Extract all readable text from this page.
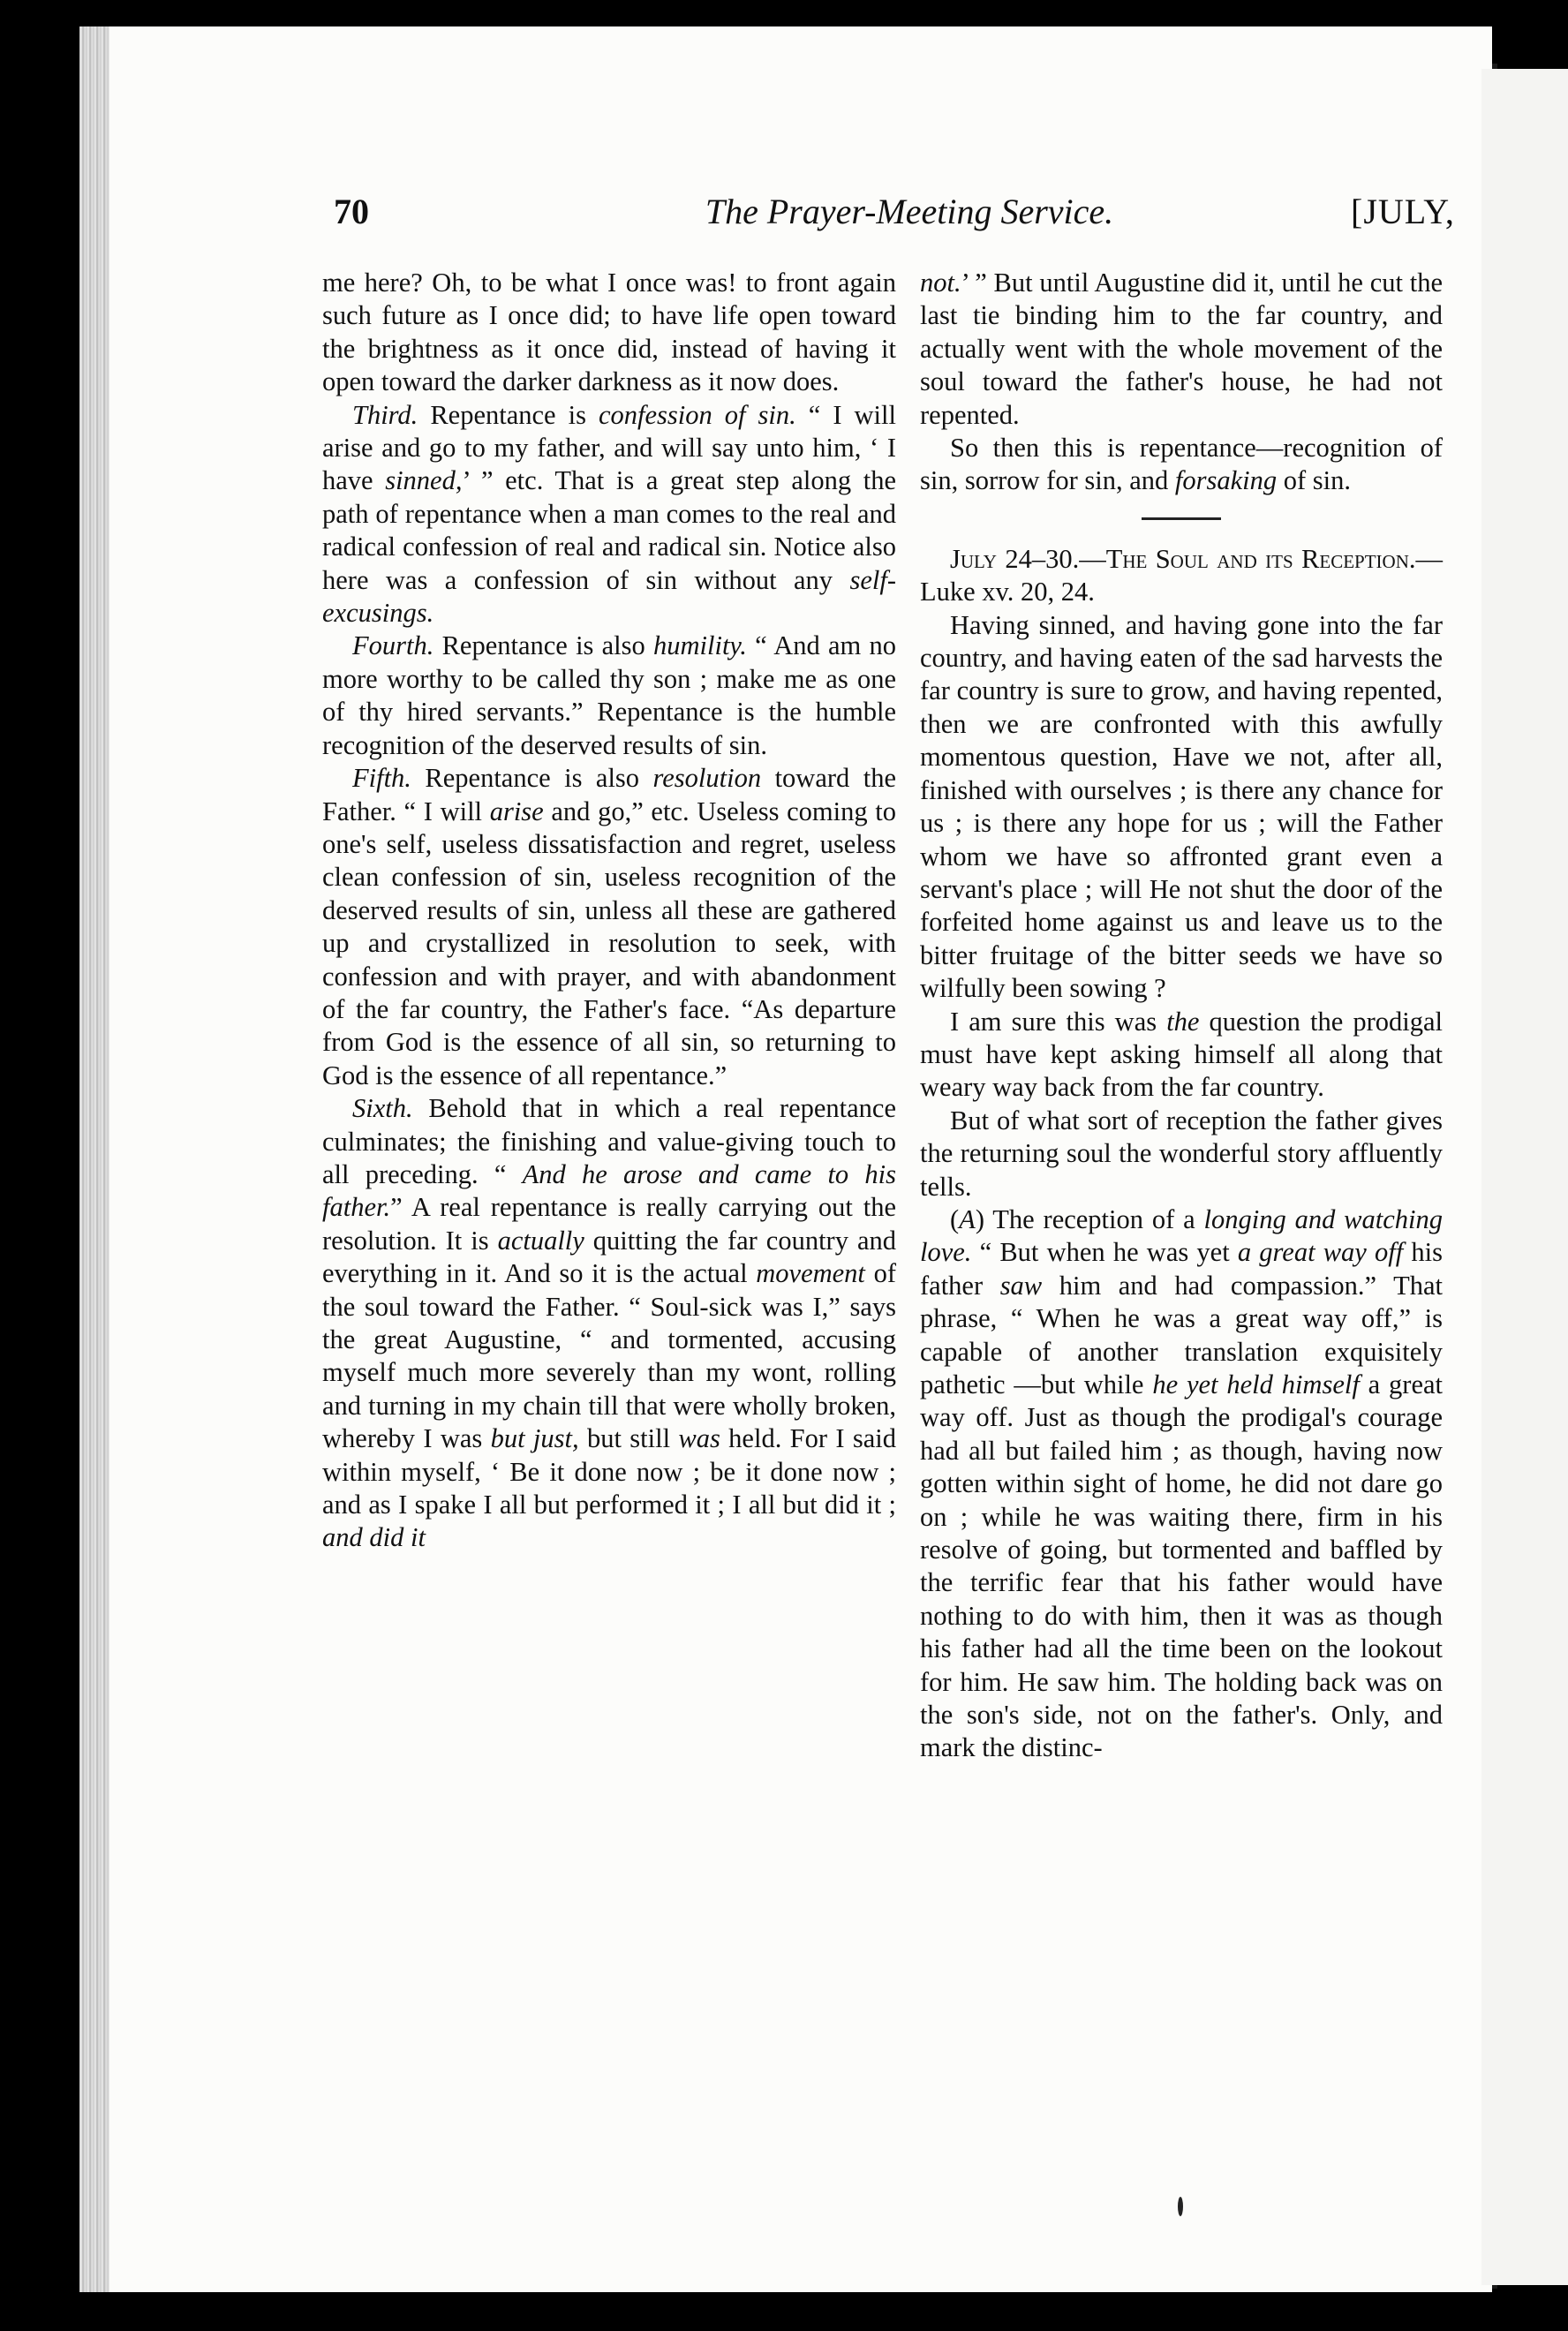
70	The Prayer-Meeting Service.	[JULY,

me here? Oh, to be what I once was! to front again such future as I once did; to have life open toward the brightness as it once did, instead of having it open toward the darker darkness as it now does.

Third. Repentance is confession of sin. “ I will arise and go to my father, and will say unto him, ‘ I have sinned,’ ” etc. That is a great step along the path of repentance when a man comes to the real and radical confession of real and radical sin. Notice also here was a confession of sin without any self-excusings.

Fourth. Repentance is also humility. “ And am no more worthy to be called thy son ; make me as one of thy hired servants.” Repentance is the humble recognition of the deserved results of sin.

Fifth. Repentance is also resolution toward the Father. “ I will arise and go,” etc. Useless coming to one's self, useless dissatisfaction and regret, useless clean confession of sin, useless recognition of the deserved results of sin, unless all these are gathered up and crystallized in resolution to seek, with confession and with prayer, and with abandonment of the far country, the Father's face. “As departure from God is the essence of all sin, so returning to God is the essence of all repentance.”

Sixth. Behold that in which a real repentance culminates; the finishing and value-giving touch to all preceding. “ And he arose and came to his father.” A real repentance is really carrying out the resolution. It is actually quitting the far country and everything in it. And so it is the actual movement of the soul toward the Father. “ Soul-sick was I,” says the great Augustine, “ and tormented, accusing myself much more severely than my wont, rolling and turning in my chain till that were wholly broken, whereby I was but just, but still was held. For I said within myself, ‘ Be it done now ; be it done now ; and as I spake I all but performed it ; I all but did it ; and did it

not.’ ” But until Augustine did it, until he cut the last tie binding him to the far country, and actually went with the whole movement of the soul toward the father's house, he had not repented.

So then this is repentance—recognition of sin, sorrow for sin, and forsaking of sin.

July 24–30.—The Soul and its Reception.—Luke xv. 20, 24.

Having sinned, and having gone into the far country, and having eaten of the sad harvests the far country is sure to grow, and having repented, then we are confronted with this awfully momentous question, Have we not, after all, finished with ourselves ; is there any chance for us ; is there any hope for us ; will the Father whom we have so affronted grant even a servant's place ; will He not shut the door of the forfeited home against us and leave us to the bitter fruitage of the bitter seeds we have so wilfully been sowing ?

I am sure this was the question the prodigal must have kept asking himself all along that weary way back from the far country.

But of what sort of reception the father gives the returning soul the wonderful story affluently tells.

(A) The reception of a longing and watching love. “ But when he was yet a great way off his father saw him and had compassion.” That phrase, “ When he was a great way off,” is capable of another translation exquisitely pathetic —but while he yet held himself a great way off. Just as though the prodigal's courage had all but failed him ; as though, having now gotten within sight of home, he did not dare go on ; while he was waiting there, firm in his resolve of going, but tormented and baffled by the terrific fear that his father would have nothing to do with him, then it was as though his father had all the time been on the lookout for him. He saw him. The holding back was on the son's side, not on the father's. Only, and mark the distinc-
